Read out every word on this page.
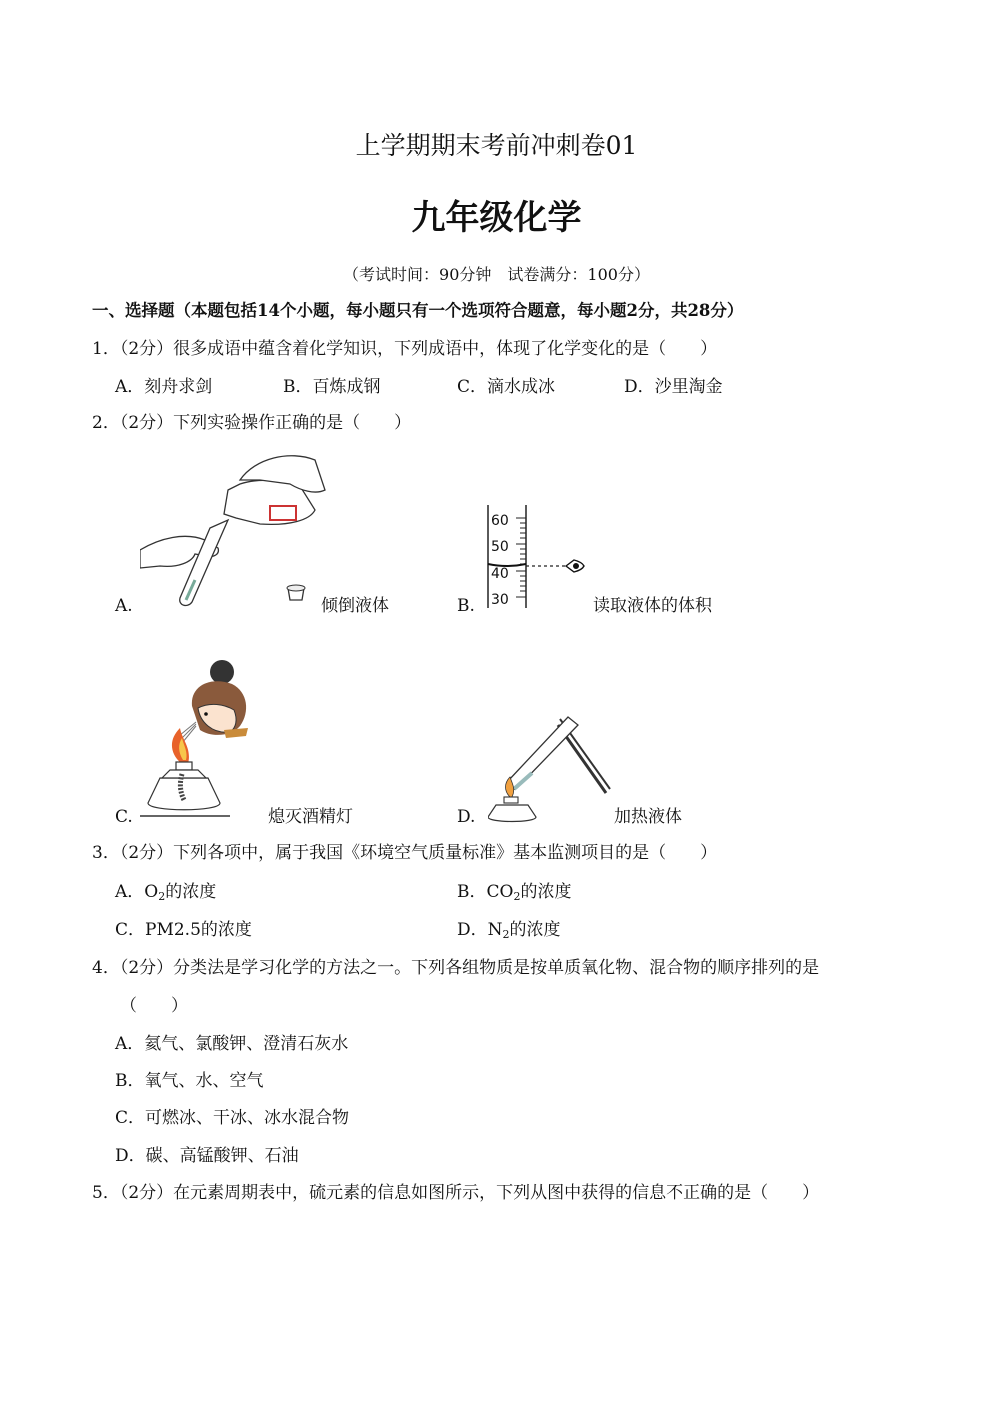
上学期期末考前冲刺卷01
九年级化学
（考试时间：90分钟　试卷满分：100分）
一、选择题（本题包括14个小题，每小题只有一个选项符合题意，每小题2分，共28分）
1．（2分）很多成语中蕴含着化学知识，下列成语中，体现了化学变化的是（　　）
A．刻舟求剑	B．百炼成钢	C．滴水成冰	D．沙里淘金
2．（2分）下列实验操作正确的是（　　）
A.	倾倒液体	B.
60
50
40
30	读取液体的体积
C.	熄灭酒精灯	D.	加热液体
3．（2分）下列各项中，属于我国《环境空气质量标准》基本监测项目的是（　　）
A．$O_2$的浓度	B．$CO_2$的浓度
C．PM2.5的浓度	D．$N_2$的浓度
4．（2分）分类法是学习化学的方法之一。下列各组物质是按单质氧化物、混合物的顺序排列的是
（　　）
A．氦气、氯酸钾、澄清石灰水
B．氧气、水、空气
C．可燃冰、干冰、冰水混合物
D．碳、高锰酸钾、石油
5．（2分）在元素周期表中，硫元素的信息如图所示，下列从图中获得的信息不正确的是（　　）
